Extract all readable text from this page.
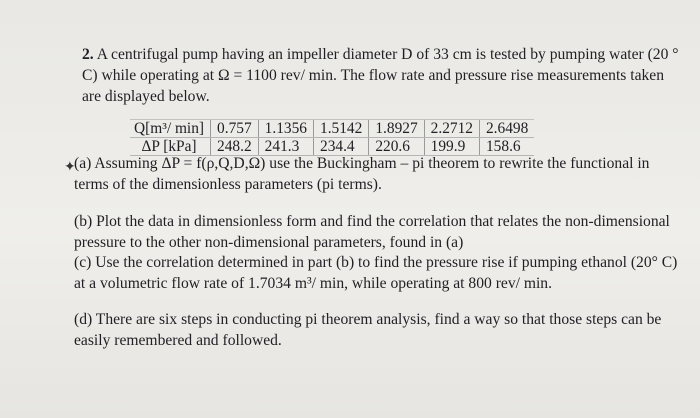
2. A centrifugal pump having an impeller diameter D of 33 cm is tested by pumping water (20 ° C) while operating at Ω = 1100 rev/ min. The flow rate and pressure rise measurements taken are displayed below.

Q[m³/ min]	0.757	1.1356	1.5142	1.8927	2.2712	2.6498
ΔP [kPa]	248.2	241.3	234.4	220.6	199.9	158.6
✦

(a) Assuming ΔP = f(ρ,Q,D,Ω) use the Buckingham – pi theorem to rewrite the functional in terms of the dimensionless parameters (pi terms).

(b) Plot the data in dimensionless form and find the correlation that relates the non-dimensional pressure to the other non-dimensional parameters, found in (a)

(c) Use the correlation determined in part (b) to find the pressure rise if pumping ethanol (20° C) at a volumetric flow rate of 1.7034 m³/ min, while operating at 800 rev/ min.

(d) There are six steps in conducting pi theorem analysis, find a way so that those steps can be easily remembered and followed.
